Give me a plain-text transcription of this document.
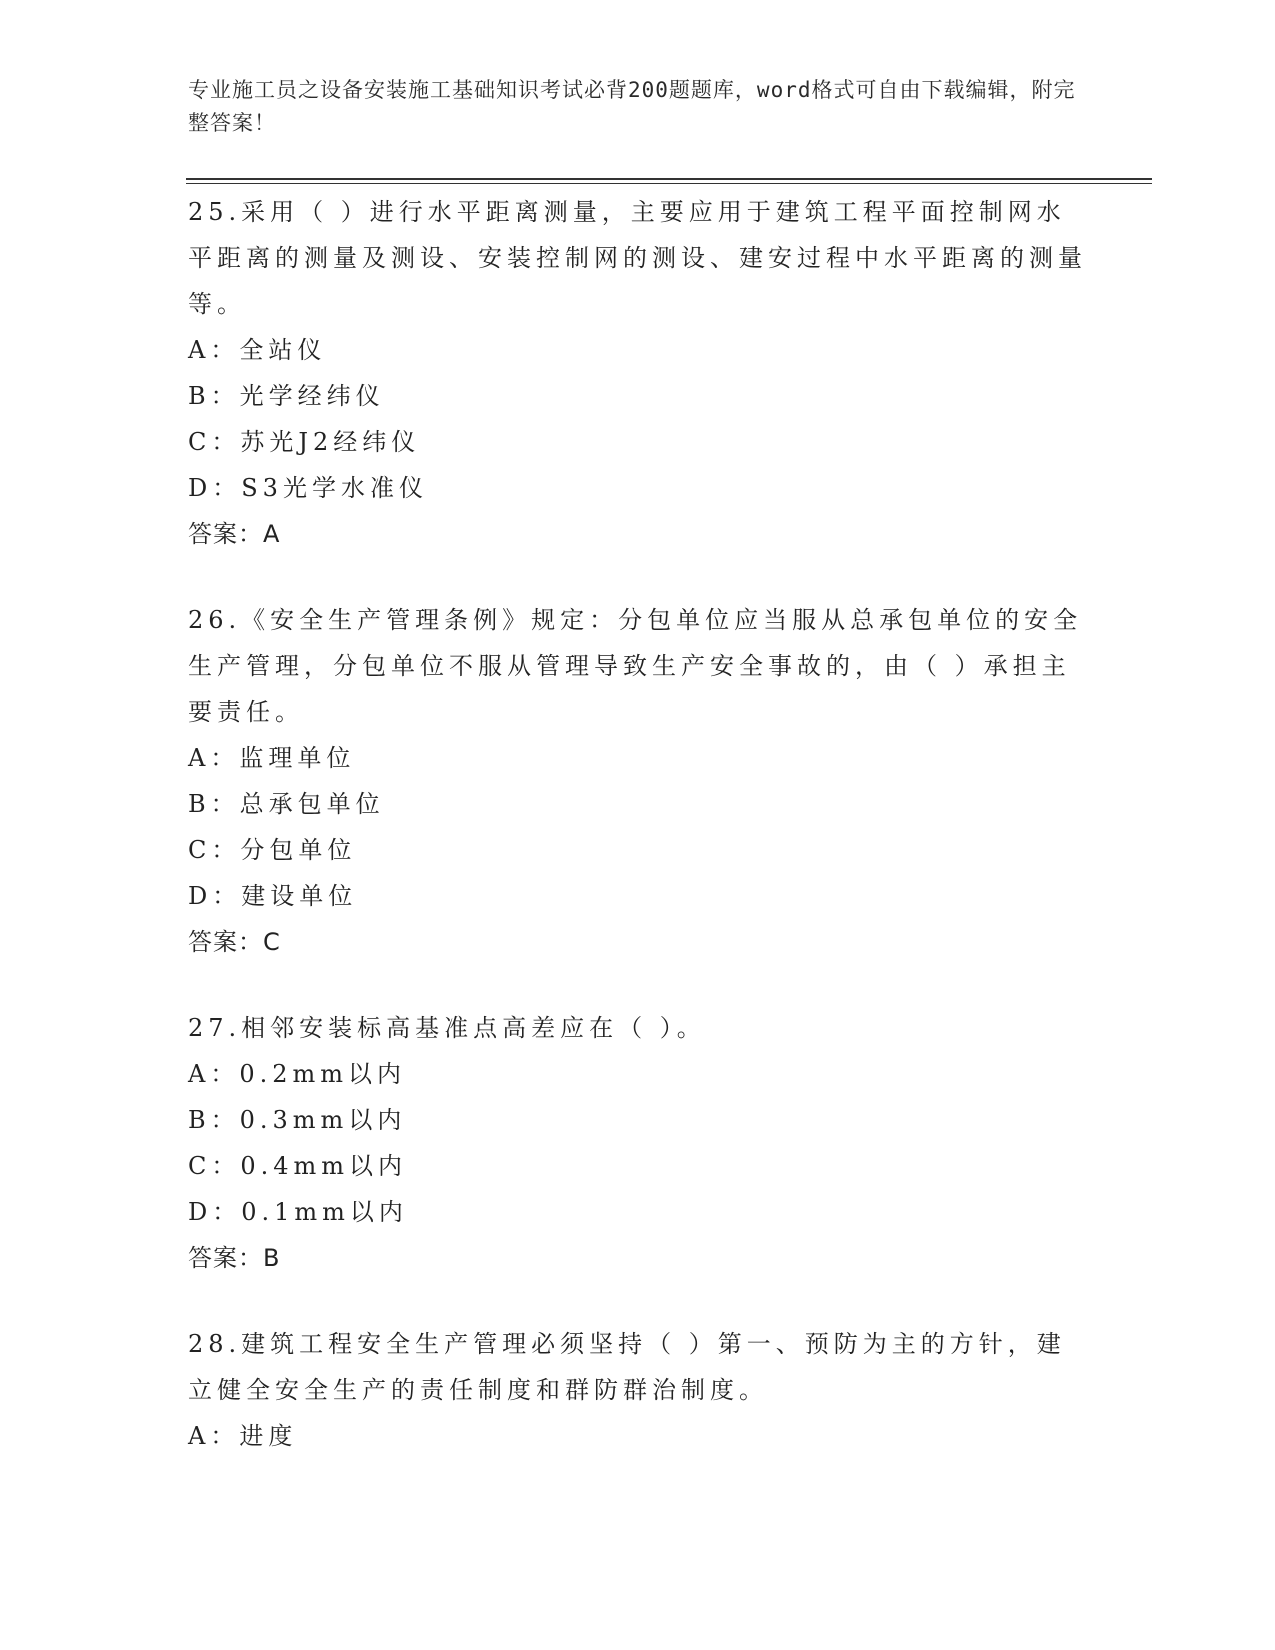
专业施工员之设备安装施工基础知识考试必背200题题库，word格式可自由下载编辑，附完整答案！

25.采用（ ）进行水平距离测量，主要应用于建筑工程平面控制网水平距离的测量及测设、安装控制网的测设、建安过程中水平距离的测量等。

A：全站仪

B：光学经纬仪

C：苏光J2经纬仪

D：S3光学水准仪

答案：A

26.《安全生产管理条例》规定：分包单位应当服从总承包单位的安全生产管理，分包单位不服从管理导致生产安全事故的，由（ ）承担主要责任。

A：监理单位

B：总承包单位

C：分包单位

D：建设单位

答案：C

27.相邻安装标高基准点高差应在（ ）。

A：0.2mm以内

B：0.3mm以内

C：0.4mm以内

D：0.1mm以内

答案：B

28.建筑工程安全生产管理必须坚持（ ）第一、预防为主的方针，建立健全安全生产的责任制度和群防群治制度。

A：进度
